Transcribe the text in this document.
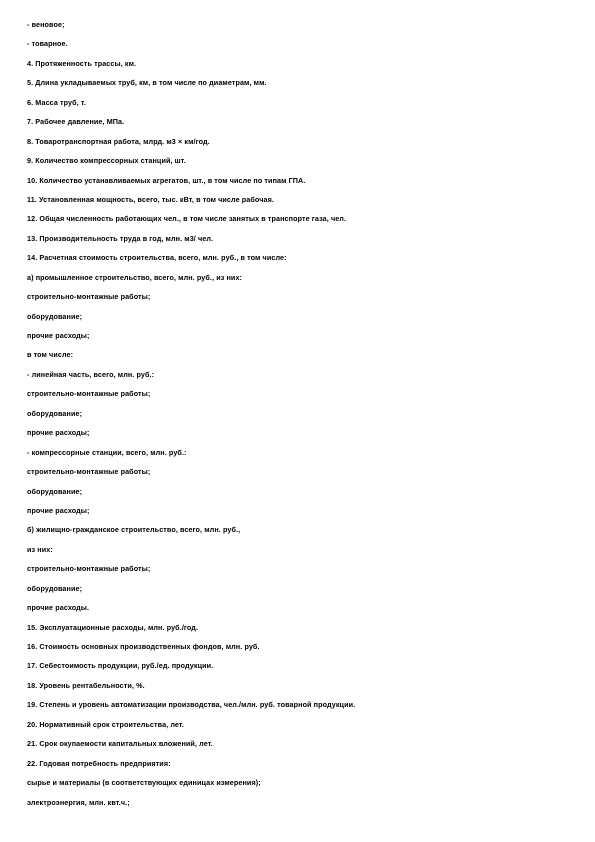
- веновое;
- товарное.
4. Протяженность трассы, км.
5. Длина укладываемых труб, км, в том числе по диаметрам, мм.
6. Масса труб, т.
7. Рабочее давление, МПа.
8. Товаротранспортная работа, млрд. м3 × км/год.
9. Количество компрессорных станций, шт.
10. Количество устанавливаемых агрегатов, шт., в том числе по типам ГПА.
11. Установленная мощность, всего, тыс. кВт, в том числе рабочая.
12. Общая численность работающих чел., в том числе занятых в транспорте газа, чел.
13. Производительность труда в год, млн. м3/ чел.
14. Расчетная стоимость строительства, всего, млн. руб., в том числе:
а) промышленное строительство, всего, млн. руб., из них:
строительно-монтажные работы;
оборудование;
прочие расходы;
в том числе:
- линейная часть, всего, млн. руб.:
строительно-монтажные работы;
оборудование;
прочие расходы;
- компрессорные станции, всего, млн. руб.:
строительно-монтажные работы;
оборудование;
прочие расходы;
б) жилищно-гражданское строительство, всего, млн. руб.,
из них:
строительно-монтажные работы;
оборудование;
прочие расходы.
15. Эксплуатационные расходы, млн. руб./год.
16. Стоимость основных производственных фондов, млн. руб.
17. Себестоимость продукции, руб./ед. продукции.
18. Уровень рентабельности, %.
19. Степень и уровень автоматизации производства, чел./млн. руб. товарной продукции.
20. Нормативный срок строительства, лет.
21. Срок окупаемости капитальных вложений, лет.
22. Годовая потребность предприятия:
сырье и материалы (в соответствующих единицах измерения);
электроэнергия, млн. квт.ч.;
